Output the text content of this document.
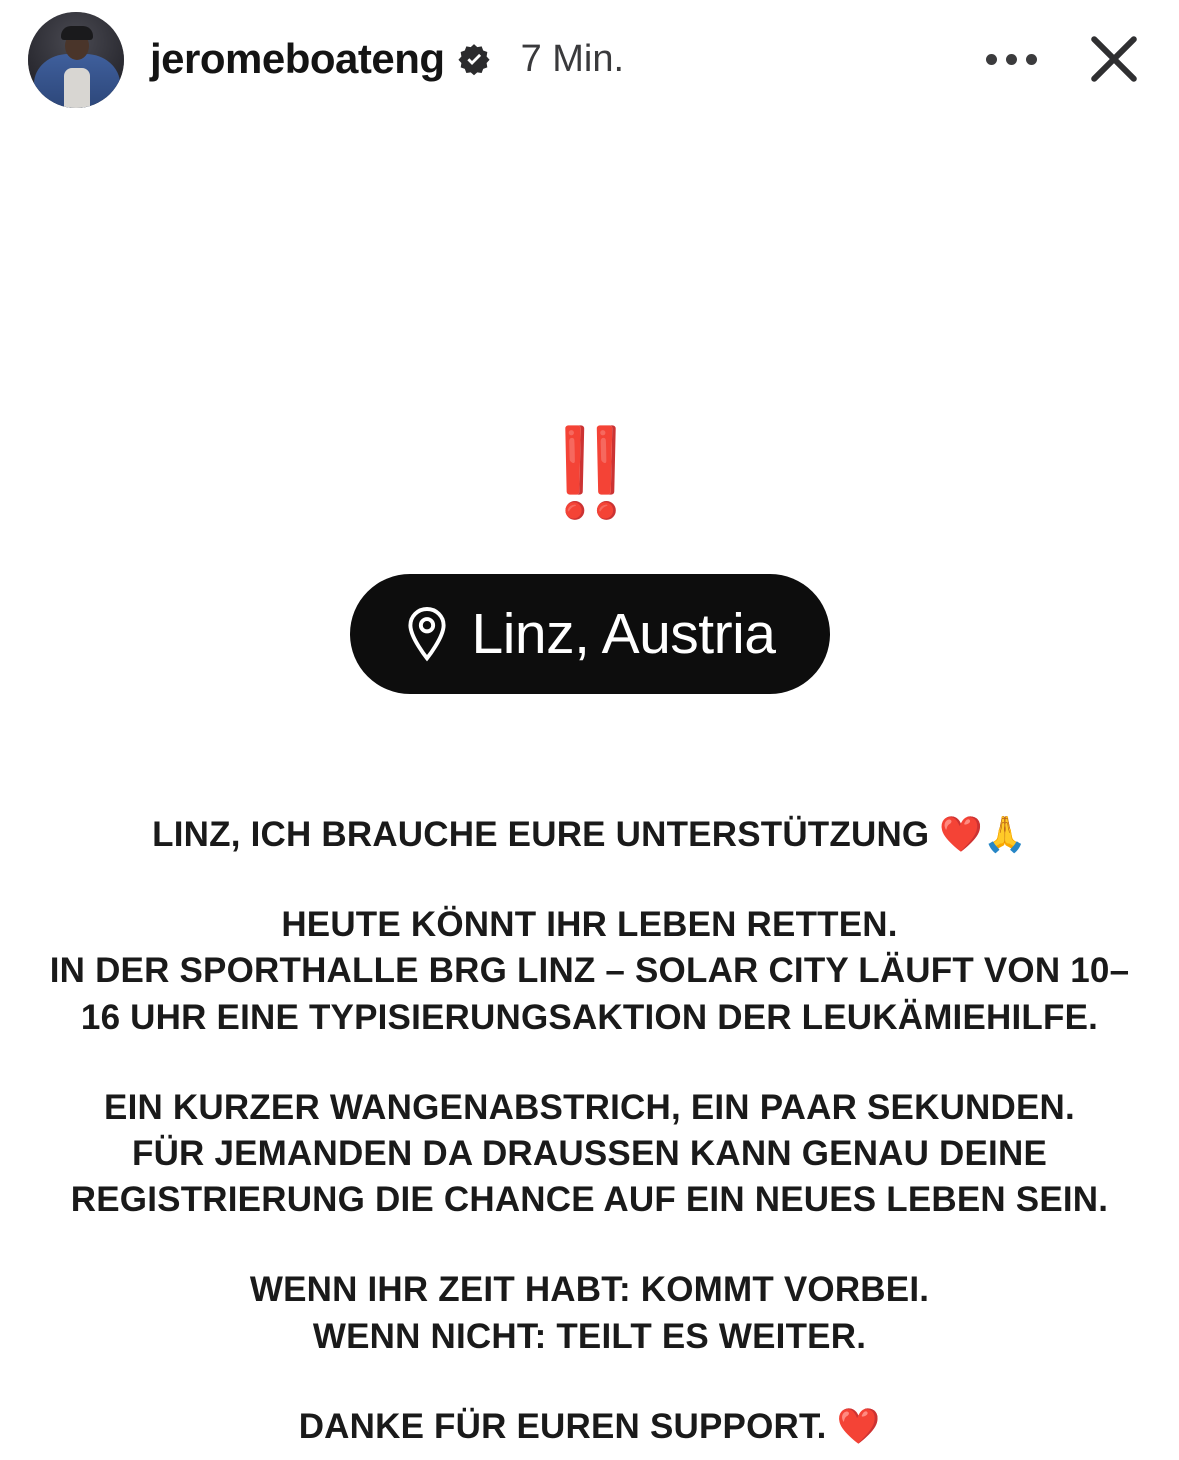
jeromeboateng 7 Min.
‼️
Linz, Austria

LINZ, ICH BRAUCHE EURE UNTERSTÜTZUNG ❤️🙏

HEUTE KÖNNT IHR LEBEN RETTEN.
IN DER SPORTHALLE BRG LINZ – SOLAR CITY LÄUFT VON 10–
16 UHR EINE TYPISIERUNGSAKTION DER LEUKÄMIEHILFE.

EIN KURZER WANGENABSTRICH, EIN PAAR SEKUNDEN.
FÜR JEMANDEN DA DRAUSSEN KANN GENAU DEINE
REGISTRIERUNG DIE CHANCE AUF EIN NEUES LEBEN SEIN.

WENN IHR ZEIT HABT: KOMMT VORBEI.
WENN NICHT: TEILT ES WEITER.

DANKE FÜR EUREN SUPPORT. ❤️
